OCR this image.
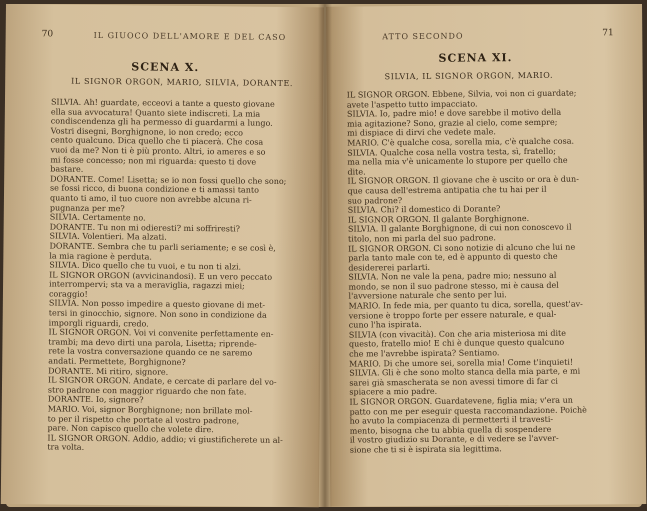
70	IL GIUOCO DELL'AMORE E DEL CASO
SCENA X.
IL SIGNOR ORGON, MARIO, SILVIA, DORANTE.
SILVIA. Ah! guardate, ecceovi a tante a questo giovane
ella sua avvocatura! Quanto siete indiscreti. La mia
condiscendenza gli ha permesso di guardarmi a lungo.
Vostri disegni, Borghignone, io non credo; ecco
cento qualcuno. Dica quello che ti piacerà. Che cosa
vuoi da me? Non ti è più pronto. Altri, io ameres e so
mi fosse concesso; non mi riguarda: questo ti dove
bastare.
DORANTE. Come! Lisetta; se io non fossi quello che sono;
se fossi ricco, di buona condizione e ti amassi tanto
quanto ti amo, il tuo cuore non avrebbe alcuna ri-
pugnanza per me?
SILVIA. Certamente no.
DORANTE. Tu non mi odieresti? mi soffriresti?
SILVIA. Volentieri. Ma alzati.
DORANTE. Sembra che tu parli seriamente; e se così è,
la mia ragione è perduta.
SILVIA. Dico quello che tu vuoi, e tu non ti alzi.
IL SIGNOR ORGON (avvicinandosi). E un vero peccato
interrompervi; sta va a meraviglia, ragazzi miei;
coraggio!
SILVIA. Non posso impedire a questo giovane di met-
tersi in ginocchio, signore. Non sono in condizione da
imporgli riguardi, credo.
IL SIGNOR ORGON. Voi vi convenite perfettamente en-
trambi; ma devo dirti una parola, Lisetta; riprende-
rete la vostra conversazione quando ce ne saremo
andati. Permettete, Borghignone?
DORANTE. Mi ritiro, signore.
IL SIGNOR ORGON. Andate, e cercate di parlare del vo-
stro padrone con maggior riguardo che non fate.
DORANTE. Io, signore?
MARIO. Voi, signor Borghignone; non brillate mol-
to per il rispetto che portate al vostro padrone,
pare. Non capisco quello che volete dire.
IL SIGNOR ORGON. Addio, addio; vi giustificherete un al-
tra volta.
ATTO SECONDO	71
SCENA XI.
SILVIA, IL SIGNOR ORGON, MARIO.
IL SIGNOR ORGON. Ebbene, Silvia, voi non ci guardate;
avete l'aspetto tutto impacciato.
SILVIA. Io, padre mio! e dove sarebbe il motivo della
mia agitazione? Sono, grazie al cielo, come sempre;
mi dispiace di dirvi che vedete male.
MARIO. C'è qualche cosa, sorella mia, c'è qualche cosa.
SILVIA. Qualche cosa nella vostra testa, sì, fratello;
ma nella mia v'è unicamente lo stupore per quello che
dite.
IL SIGNOR ORGON. Il giovane che è uscito or ora è dun-
que causa dell'estrema antipatia che tu hai per il
suo padrone?
SILVIA. Chi? il domestico di Dorante?
IL SIGNOR ORGON. Il galante Borghignone.
SILVIA. Il galante Borghignone, di cui non conoscevo il
titolo, non mi parla del suo padrone.
IL SIGNOR ORGON. Ci sono notizie di alcuno che lui ne
parla tanto male con te, ed è appunto di questo che
desidererei parlarti.
SILVIA. Non ne vale la pena, padre mio; nessuno al
mondo, se non il suo padrone stesso, mi è causa del
l'avversione naturale che sento per lui.
MARIO. In fede mia, per quanto tu dica, sorella, quest'av-
versione è troppo forte per essere naturale, e qual-
cuno l'ha ispirata.
SILVIA (con vivacità). Con che aria misteriosa mi dite
questo, fratello mio! E chi è dunque questo qualcuno
che me l'avrebbe ispirata? Sentiamo.
MARIO. Di che umore sei, sorella mia! Come t'inquieti!
SILVIA. Gli è che sono molto stanca della mia parte, e mi
sarei già smascherata se non avessi timore di far ci
spiacere a mio padre.
IL SIGNOR ORGON. Guardatevene, figlia mia; v'era un
patto con me per eseguir questa raccomandazione. Poichè
ho avuto la compiacenza di permetterti il travesti-
mento, bisogna che tu abbia quella di sospendere
il vostro giudizio su Dorante, e di vedere se l'avver-
sione che ti si è ispirata sia legittima.
